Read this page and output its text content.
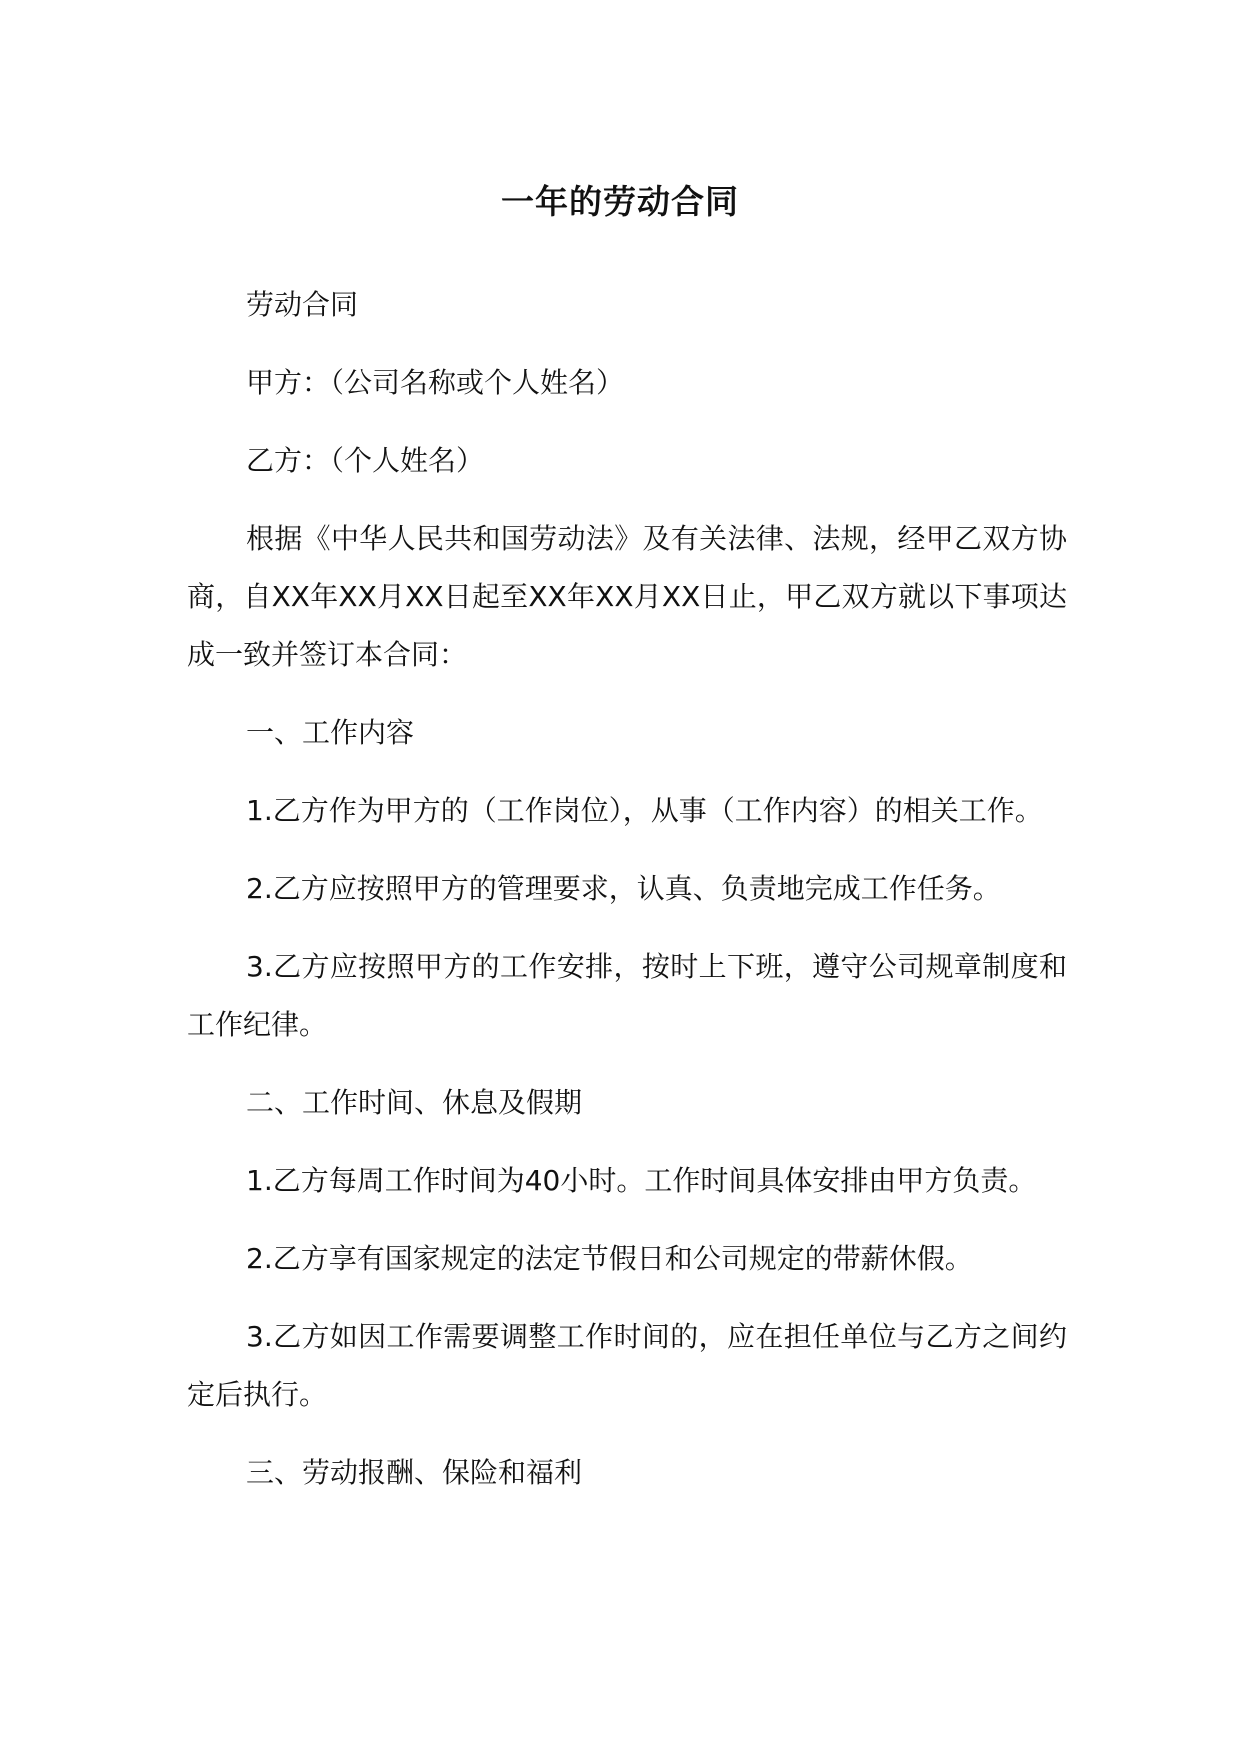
一年的劳动合同

劳动合同

甲方：（公司名称或个人姓名）

乙方：（个人姓名）

根据《中华人民共和国劳动法》及有关法律、法规，经甲乙双方协商，自XX年XX月XX日起至XX年XX月XX日止，甲乙双方就以下事项达成一致并签订本合同：

一、工作内容

1.乙方作为甲方的（工作岗位），从事（工作内容）的相关工作。

2.乙方应按照甲方的管理要求，认真、负责地完成工作任务。

3.乙方应按照甲方的工作安排，按时上下班，遵守公司规章制度和工作纪律。

二、工作时间、休息及假期

1.乙方每周工作时间为40小时。工作时间具体安排由甲方负责。

2.乙方享有国家规定的法定节假日和公司规定的带薪休假。

3.乙方如因工作需要调整工作时间的，应在担任单位与乙方之间约定后执行。

三、劳动报酬、保险和福利
